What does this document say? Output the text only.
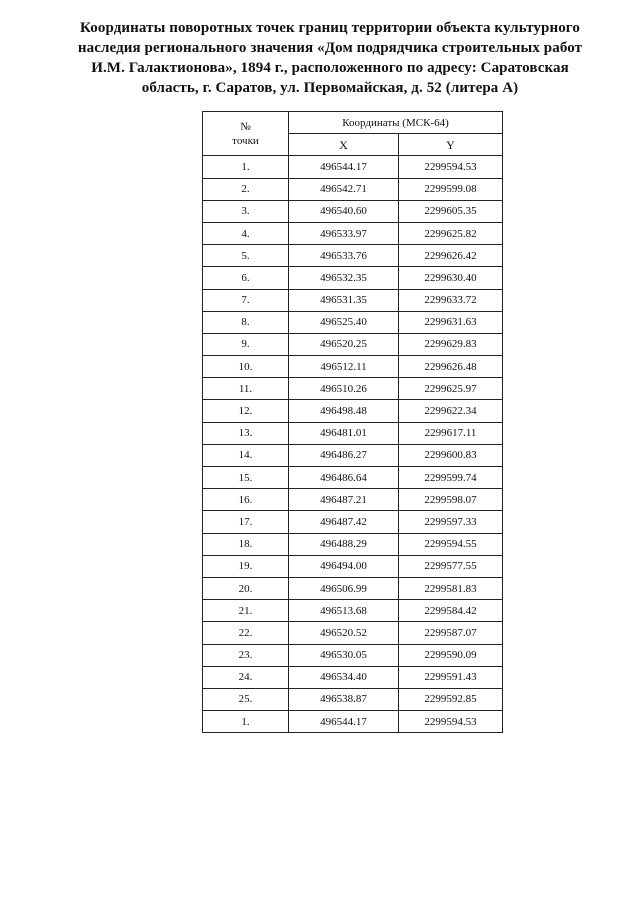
Координаты поворотных точек границ территории объекта культурного
наследия регионального значения «Дом подрядчика строительных работ
И.М. Галактионова», 1894 г., расположенного по адресу: Саратовская
область, г. Саратов, ул. Первомайская, д. 52 (литера А)
№
точки	Координаты (МСК-64)	
	X	Y
1.	496544.17	2299594.53
2.	496542.71	2299599.08
3.	496540.60	2299605.35
4.	496533.97	2299625.82
5.	496533.76	2299626.42
6.	496532.35	2299630.40
7.	496531.35	2299633.72
8.	496525.40	2299631.63
9.	496520.25	2299629.83
10.	496512.11	2299626.48
11.	496510.26	2299625.97
12.	496498.48	2299622.34
13.	496481.01	2299617.11
14.	496486.27	2299600.83
15.	496486.64	2299599.74
16.	496487.21	2299598.07
17.	496487.42	2299597.33
18.	496488.29	2299594.55
19.	496494.00	2299577.55
20.	496506.99	2299581.83
21.	496513.68	2299584.42
22.	496520.52	2299587.07
23.	496530.05	2299590.09
24.	496534.40	2299591.43
25.	496538.87	2299592.85
1.	496544.17	2299594.53
